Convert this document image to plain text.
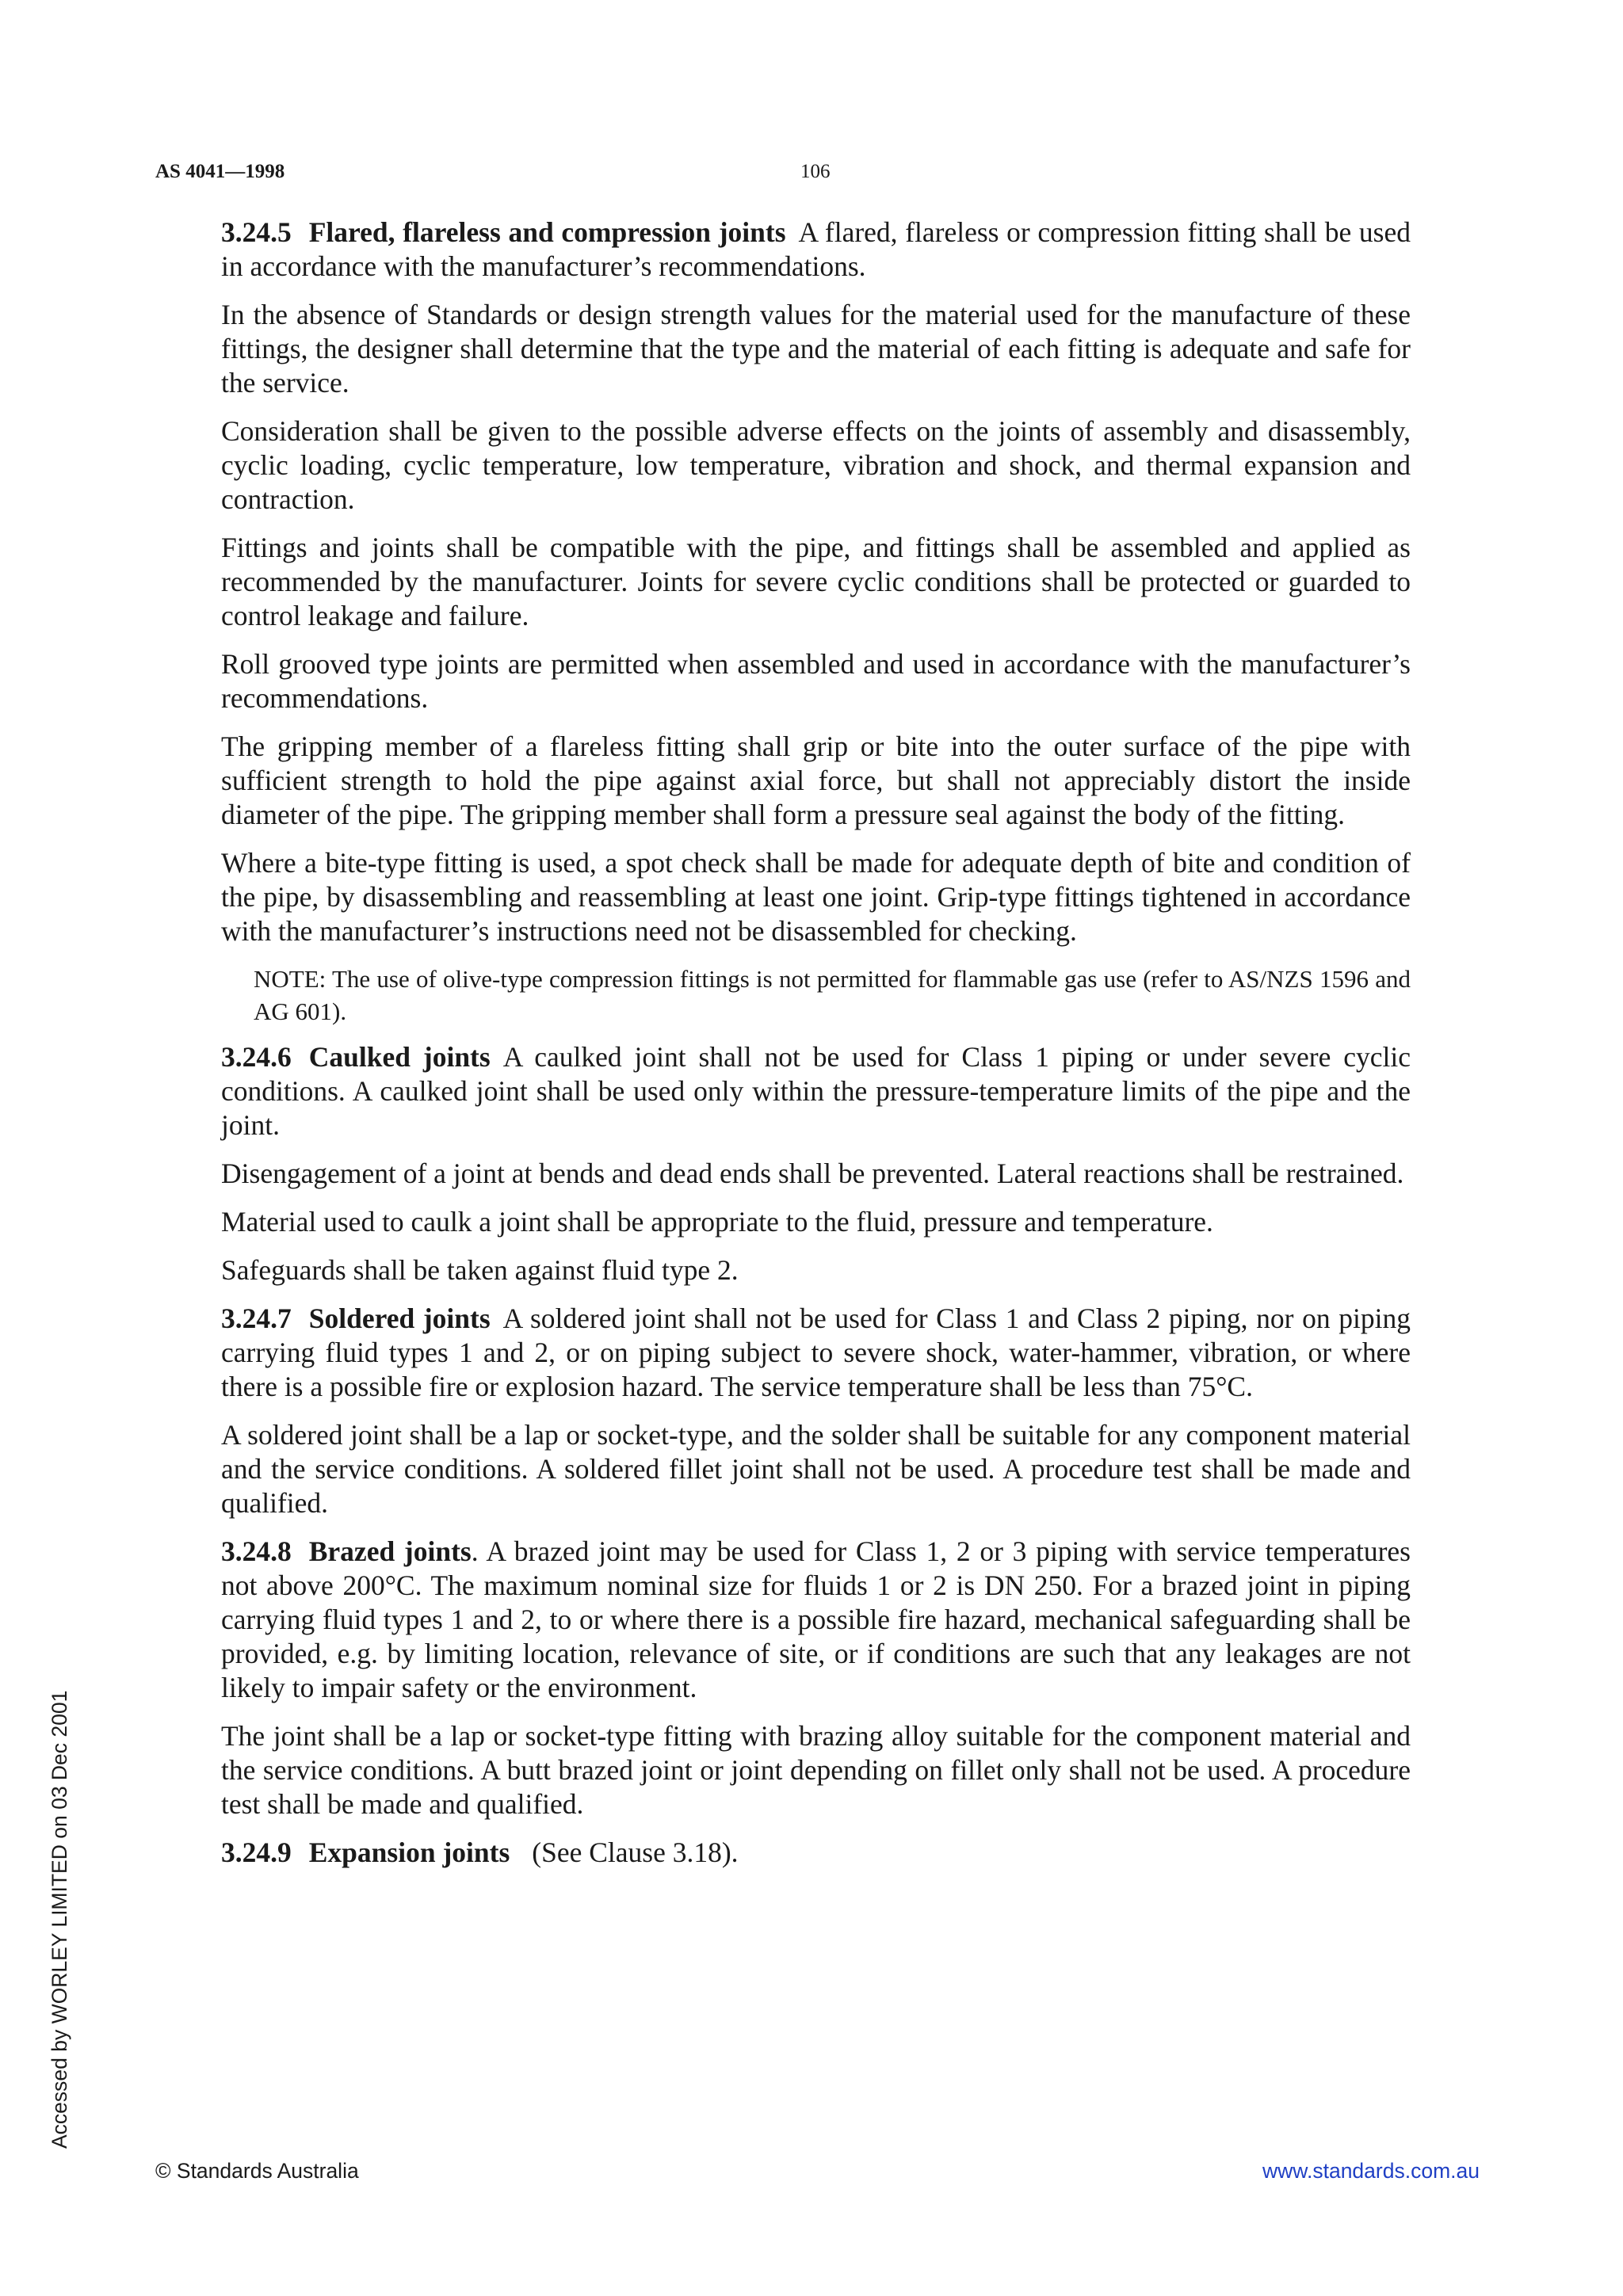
AS 4041—1998	106

3.24.5 Flared, flareless and compression joints A flared, flareless or compression fitting shall be used in accordance with the manufacturer’s recommendations.

In the absence of Standards or design strength values for the material used for the manufacture of these fittings, the designer shall determine that the type and the material of each fitting is adequate and safe for the service.

Consideration shall be given to the possible adverse effects on the joints of assembly and disassembly, cyclic loading, cyclic temperature, low temperature, vibration and shock, and thermal expansion and contraction.

Fittings and joints shall be compatible with the pipe, and fittings shall be assembled and applied as recommended by the manufacturer. Joints for severe cyclic conditions shall be protected or guarded to control leakage and failure.

Roll grooved type joints are permitted when assembled and used in accordance with the manufacturer’s recommendations.

The gripping member of a flareless fitting shall grip or bite into the outer surface of the pipe with sufficient strength to hold the pipe against axial force, but shall not appreciably distort the inside diameter of the pipe. The gripping member shall form a pressure seal against the body of the fitting.

Where a bite-type fitting is used, a spot check shall be made for adequate depth of bite and condition of the pipe, by disassembling and reassembling at least one joint. Grip-type fittings tightened in accordance with the manufacturer’s instructions need not be disassembled for checking.

NOTE: The use of olive-type compression fittings is not permitted for flammable gas use (refer to AS/NZS 1596 and AG 601).

3.24.6 Caulked joints A caulked joint shall not be used for Class 1 piping or under severe cyclic conditions. A caulked joint shall be used only within the pressure-temperature limits of the pipe and the joint.

Disengagement of a joint at bends and dead ends shall be prevented. Lateral reactions shall be restrained.

Material used to caulk a joint shall be appropriate to the fluid, pressure and temperature.

Safeguards shall be taken against fluid type 2.

3.24.7 Soldered joints A soldered joint shall not be used for Class 1 and Class 2 piping, nor on piping carrying fluid types 1 and 2, or on piping subject to severe shock, water-hammer, vibration, or where there is a possible fire or explosion hazard. The service temperature shall be less than 75°C.

A soldered joint shall be a lap or socket-type, and the solder shall be suitable for any component material and the service conditions. A soldered fillet joint shall not be used. A procedure test shall be made and qualified.

3.24.8 Brazed joints. A brazed joint may be used for Class 1, 2 or 3 piping with service temperatures not above 200°C. The maximum nominal size for fluids 1 or 2 is DN 250. For a brazed joint in piping carrying fluid types 1 and 2, to or where there is a possible fire hazard, mechanical safeguarding shall be provided, e.g. by limiting location, relevance of site, or if conditions are such that any leakages are not likely to impair safety or the environment.

The joint shall be a lap or socket-type fitting with brazing alloy suitable for the component material and the service conditions. A butt brazed joint or joint depending on fillet only shall not be used. A procedure test shall be made and qualified.

3.24.9 Expansion joints (See Clause 3.18).

Accessed by WORLEY LIMITED on 03 Dec 2001
© Standards Australia	www.standards.com.au
